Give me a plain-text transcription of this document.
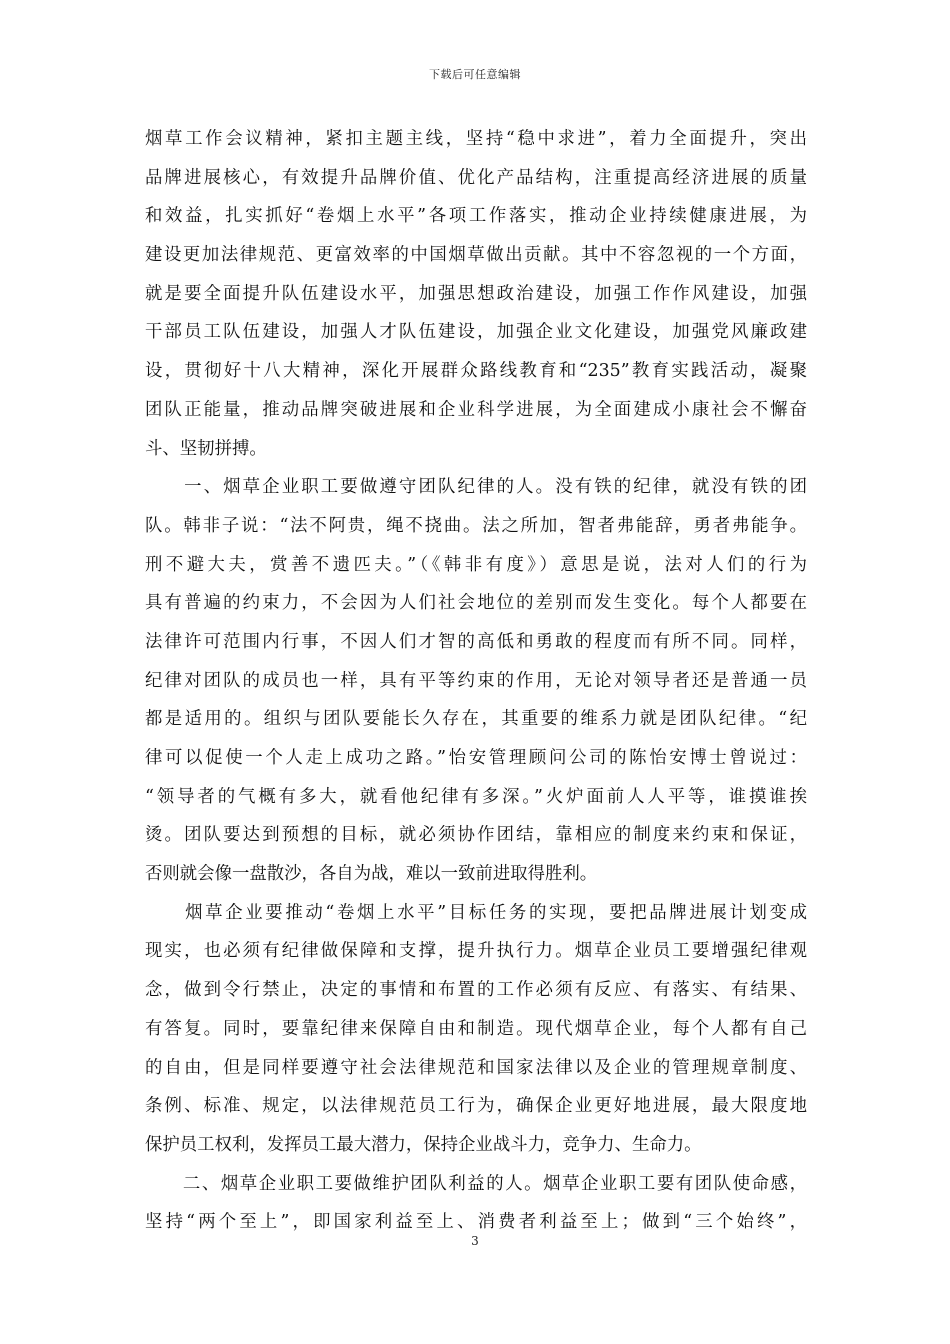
下载后可任意编辑
烟草工作会议精神，紧扣主题主线，坚持“稳中求进”，着力全面提升，突出
品牌进展核心，有效提升品牌价值、优化产品结构，注重提高经济进展的质量
和效益，扎实抓好“卷烟上水平”各项工作落实，推动企业持续健康进展，为
建设更加法律规范、更富效率的中国烟草做出贡献。其中不容忽视的一个方面，
就是要全面提升队伍建设水平，加强思想政治建设，加强工作作风建设，加强
干部员工队伍建设，加强人才队伍建设，加强企业文化建设，加强党风廉政建
设，贯彻好十八大精神，深化开展群众路线教育和“235”教育实践活动，凝聚
团队正能量，推动品牌突破进展和企业科学进展，为全面建成小康社会不懈奋
斗、坚韧拼搏。
　　一、烟草企业职工要做遵守团队纪律的人。没有铁的纪律，就没有铁的团
队。韩非子说：“法不阿贵，绳不挠曲。法之所加，智者弗能辞，勇者弗能争。
刑不避大夫，赏善不遗匹夫。”（《韩非有度》）意思是说，法对人们的行为
具有普遍的约束力，不会因为人们社会地位的差别而发生变化。每个人都要在
法律许可范围内行事，不因人们才智的高低和勇敢的程度而有所不同。同样，
纪律对团队的成员也一样，具有平等约束的作用，无论对领导者还是普通一员
都是适用的。组织与团队要能长久存在，其重要的维系力就是团队纪律。“纪
律可以促使一个人走上成功之路。”怡安管理顾问公司的陈怡安博士曾说过：
“领导者的气概有多大，就看他纪律有多深。”火炉面前人人平等，谁摸谁挨
烫。团队要达到预想的目标，就必须协作团结，靠相应的制度来约束和保证，
否则就会像一盘散沙，各自为战，难以一致前进取得胜利。
　　烟草企业要推动“卷烟上水平”目标任务的实现，要把品牌进展计划变成
现实，也必须有纪律做保障和支撑，提升执行力。烟草企业员工要增强纪律观
念，做到令行禁止，决定的事情和布置的工作必须有反应、有落实、有结果、
有答复。同时，要靠纪律来保障自由和制造。现代烟草企业，每个人都有自己
的自由，但是同样要遵守社会法律规范和国家法律以及企业的管理规章制度、
条例、标准、规定，以法律规范员工行为，确保企业更好地进展，最大限度地
保护员工权利，发挥员工最大潜力，保持企业战斗力，竞争力、生命力。
　　二、烟草企业职工要做维护团队利益的人。烟草企业职工要有团队使命感，
坚持“两个至上”，即国家利益至上、消费者利益至上；做到“三个始终”，
3
